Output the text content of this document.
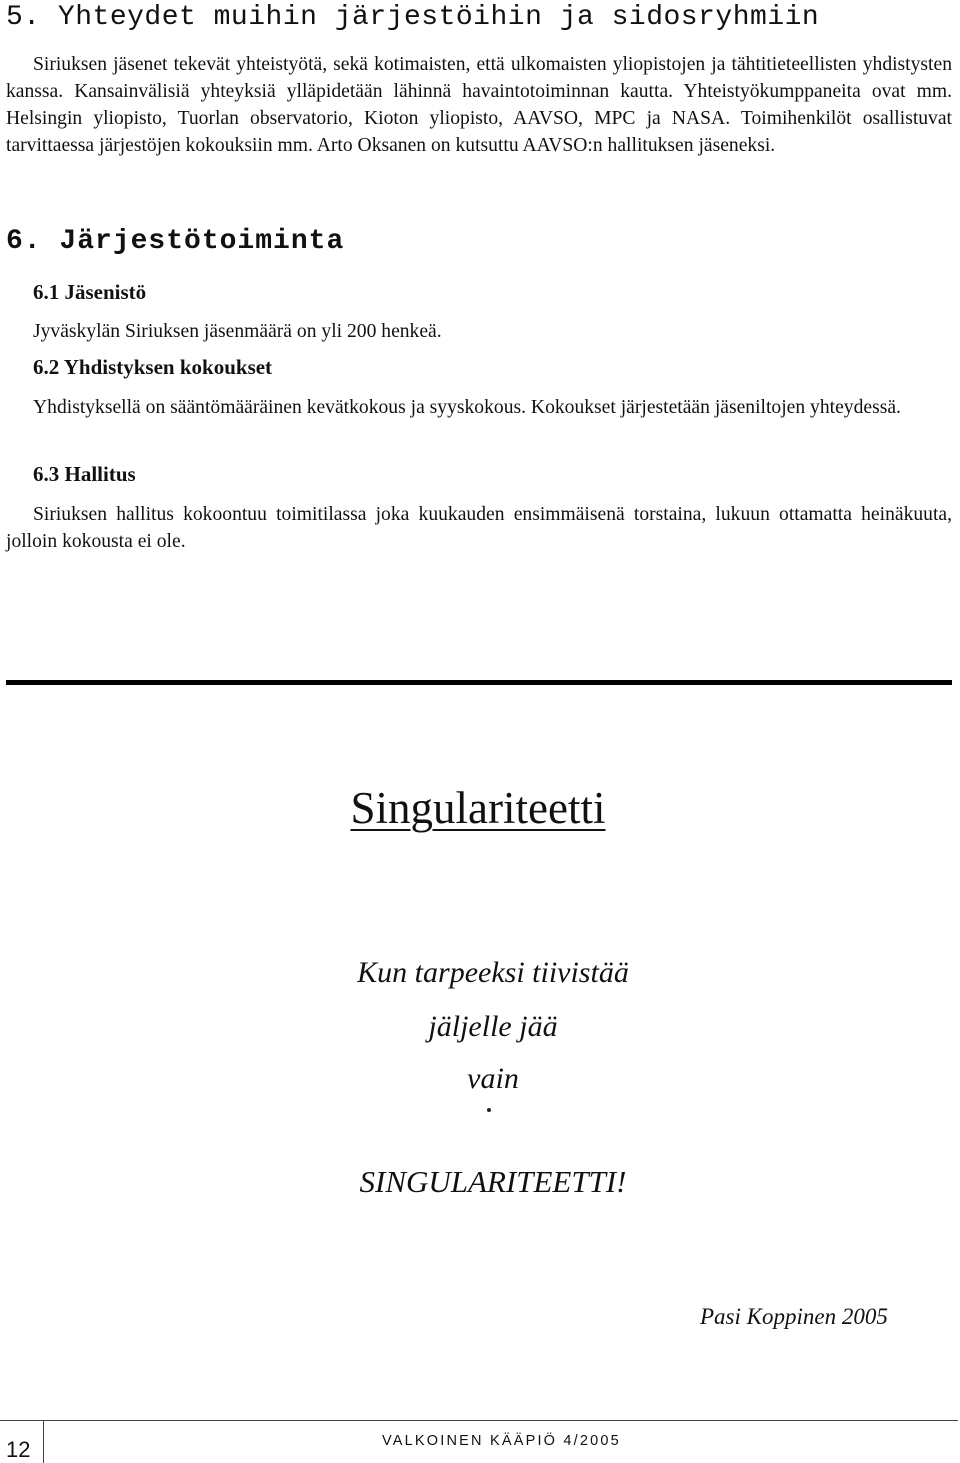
5. Yhteydet muihin järjestöihin ja sidosryhmiin

Siriuksen jäsenet tekevät yhteistyötä, sekä kotimaisten, että ulkomaisten yliopistojen ja tähtitieteellisten yhdistysten kanssa. Kansainvälisiä yhteyksiä ylläpidetään lähinnä havaintotoiminnan kautta. Yhteistyökumppaneita ovat mm. Helsingin yliopisto, Tuorlan observatorio, Kioton yliopisto, AAVSO, MPC ja NASA. Toimihenkilöt osallistuvat tarvittaessa järjestöjen kokouksiin mm. Arto Oksanen on kutsuttu AAVSO:n hallituksen jäseneksi.

6. Järjestötoiminta
6.1 Jäsenistö

Jyväskylän Siriuksen jäsenmäärä on yli 200 henkeä.

6.2 Yhdistyksen kokoukset

Yhdistyksellä on sääntömääräinen kevätkokous ja syyskokous. Kokoukset järjestetään jäseniltojen yhteydessä.

6.3 Hallitus

Siriuksen hallitus kokoontuu toimitilassa joka kuukauden ensimmäisenä torstaina, lukuun ottamatta heinäkuuta, jolloin kokousta ei ole.

Singulariteetti

Kun tarpeeksi tiivistää

jäljelle jää

vain

SINGULARITEETTI!

Pasi Koppinen 2005

12	VALKOINEN KÄÄPIÖ 4/2005
